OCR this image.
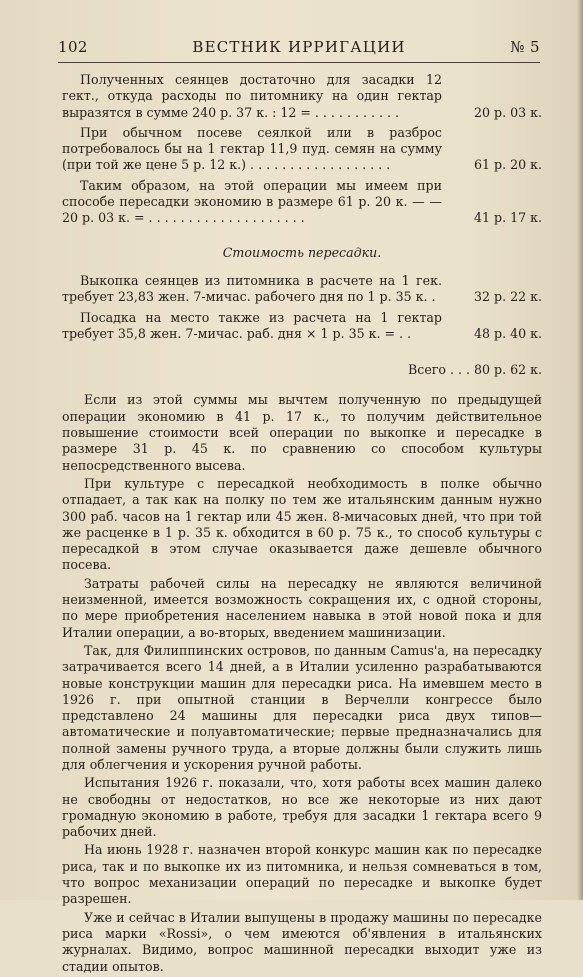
102	ВЕСТНИК ИРРИГАЦИИ	№ 5
Полученных сеянцев достаточно для засадки 12 гект., откуда расходы по питомнику на один гектар выразятся в сумме 240 р. 37 к. : 12 = . . . . . . . . . . .	20 р. 03 к.
При обычном посеве сеялкой или в разброс потребовалось бы на 1 гектар 11,9 пуд. семян на сумму (при той же цене 5 р. 12 к.) . . . . . . . . . . . . . . . . . .	61 р. 20 к.
Таким образом, на этой операции мы имеем при способе пересадки экономию в размере 61 р. 20 к. — — 20 р. 03 к. = . . . . . . . . . . . . . . . . . . . .	41 р. 17 к.
Стоимость пересадки.
Выкопка сеянцев из питомника в расчете на 1 гек. требует 23,83 жен. 7-мичас. рабочего дня по 1 р. 35 к. .	32 р. 22 к.
Посадка на место также из расчета на 1 гектар требует 35,8 жен. 7-мичас. раб. дня × 1 р. 35 к. = . .	48 р. 40 к.
Всего . . . 80 р. 62 к.

Если из этой суммы мы вычтем полученную по предыдущей операции экономию в 41 р. 17 к., то получим действительное повышение стоимости всей операции по выкопке и пересадке в размере 31 р. 45 к. по сравнению со способом культуры непосредственного высева.

При культуре с пересадкой необходимость в полке обычно отпадает, а так как на полку по тем же итальянским данным нужно 300 раб. часов на 1 гектар или 45 жен. 8-мичасовых дней, что при той же расценке в 1 р. 35 к. обходится в 60 р. 75 к., то способ культуры с пересадкой в этом случае оказывается даже дешевле обычного посева.

Затраты рабочей силы на пересадку не являются величиной неизменной, имеется возможность сокращения их, с одной стороны, по мере приобретения населением навыка в этой новой пока и для Италии операции, а во-вторых, введением машинизации.

Так, для Филиппинских островов, по данным Camus'a, на пересадку затрачивается всего 14 дней, а в Италии усиленно разрабатываются новые конструкции машин для пересадки риса. На имевшем место в 1926 г. при опытной станции в Верчелли конгрессе было представлено 24 машины для пересадки риса двух типов—автоматические и полуавтоматические; первые предназначались для полной замены ручного труда, а вторые должны были служить лишь для облегчения и ускорения ручной работы.

Испытания 1926 г. показали, что, хотя работы всех машин далеко не свободны от недостатков, но все же некоторые из них дают громадную экономию в работе, требуя для засадки 1 гектара всего 9 рабочих дней.

На июнь 1928 г. назначен второй конкурс машин как по пересадке риса, так и по выкопке их из питомника, и нельзя сомневаться в том, что вопрос механизации операций по пересадке и выкопке будет разрешен.

Уже и сейчас в Италии выпущены в продажу машины по пересадке риса марки «Rossi», о чем имеются об'явления в итальянских журналах. Видимо, вопрос машинной пересадки выходит уже из стадии опытов.
